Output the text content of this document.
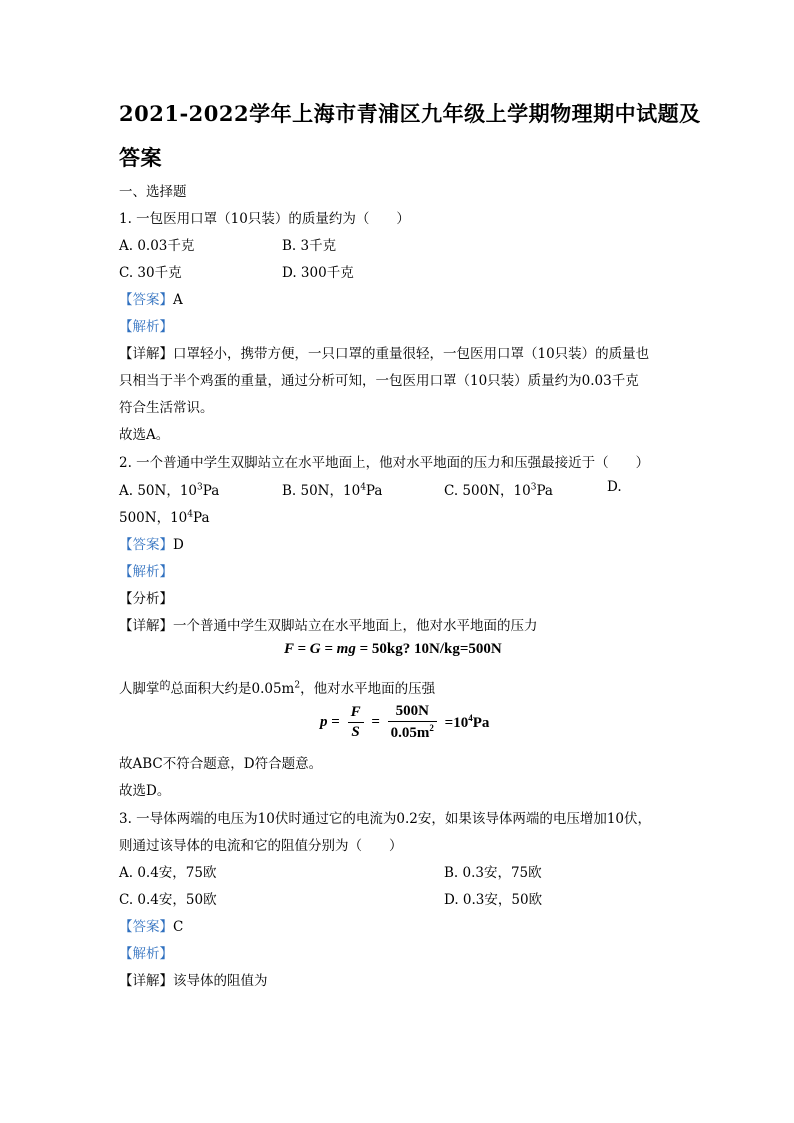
2021-2022学年上海市青浦区九年级上学期物理期中试题及
答案
一、选择题
1. 一包医用口罩（10只装）的质量约为（　　）
A. 0.03千克	B. 3千克
C. 30千克	D. 300千克
【答案】A
【解析】
【详解】口罩轻小，携带方便，一只口罩的重量很轻，一包医用口罩（10只装）的质量也
只相当于半个鸡蛋的重量，通过分析可知，一包医用口罩（10只装）质量约为0.03千克
符合生活常识。
故选A。
2. 一个普通中学生双脚站立在水平地面上，他对水平地面的压力和压强最接近于（　　）
A. 50N，$10^3Pa$	B. 50N，$10^4Pa$	C. 500N，$10^3Pa$	D.
500N，$10^4Pa$
【答案】D
【解析】
【分析】
【详解】一个普通中学生双脚站立在水平地面上，他对水平地面的压力
F = G = mg = 50kg? 10N/kg=500N
人脚掌$^的$总面积大约是$0.05m^2$，他对水平地面的压强
$p = \frac{F}{S} = \frac{500N}{0.05m^2} =10^4Pa$
故ABC不符合题意，D符合题意。
故选D。
3. 一导体两端的电压为10伏时通过它的电流为0.2安，如果该导体两端的电压增加10伏，
则通过该导体的电流和它的阻值分别为（　　）
A. 0.4安，75欧	B. 0.3安，75欧
C. 0.4安，50欧	D. 0.3安，50欧
【答案】C
【解析】
【详解】该导体的阻值为
